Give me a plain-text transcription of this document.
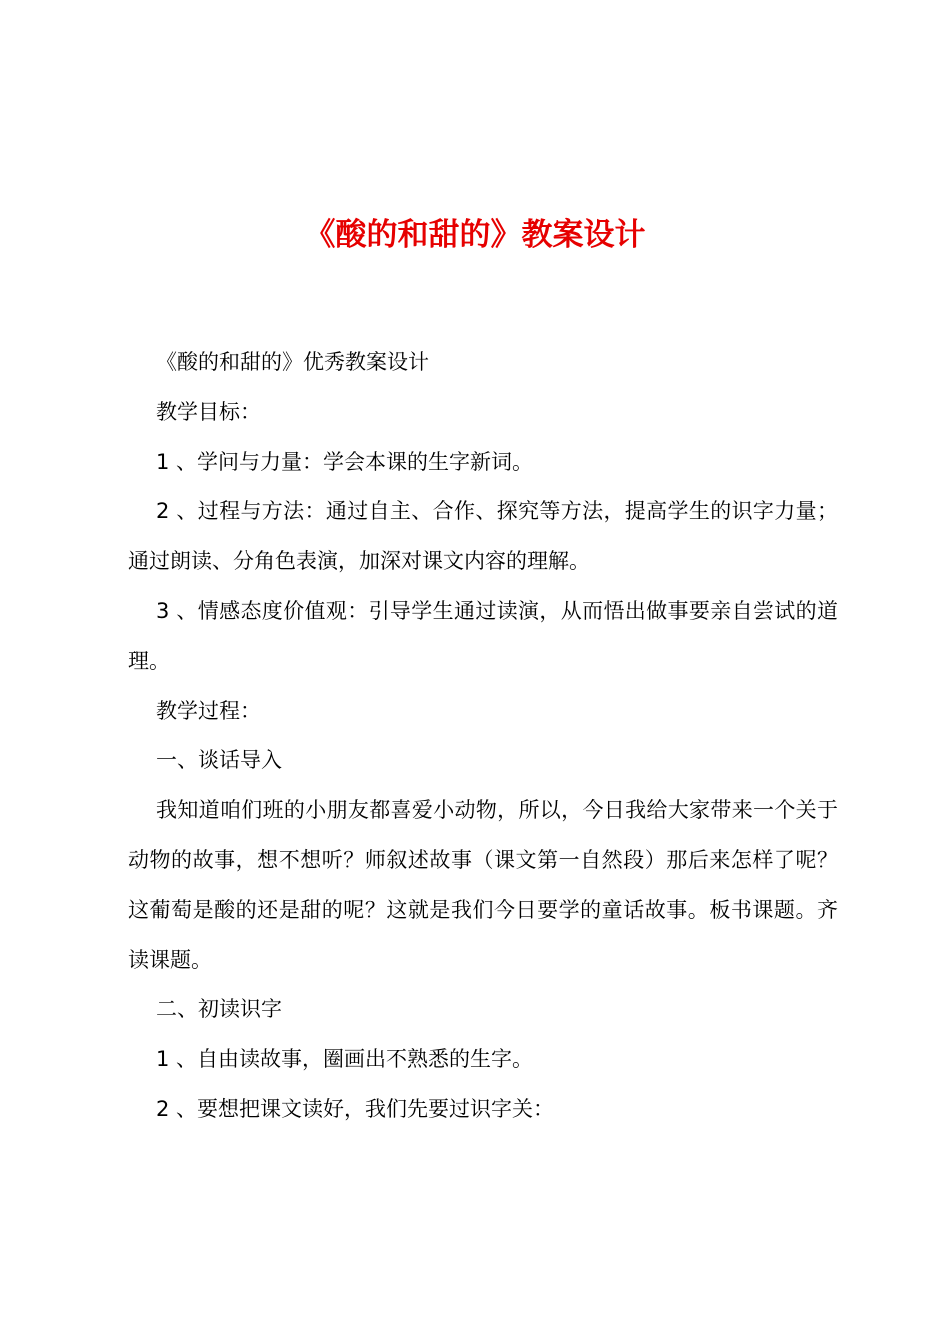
《酸的和甜的》教案设计

《酸的和甜的》优秀教案设计

教学目标：

1 、学问与力量：学会本课的生字新词。

2 、过程与方法：通过自主、合作、探究等方法，提高学生的识字力量；通过朗读、分角色表演，加深对课文内容的理解。

3 、情感态度价值观：引导学生通过读演，从而悟出做事要亲自尝试的道理。

教学过程：

一、谈话导入

我知道咱们班的小朋友都喜爱小动物，所以，今日我给大家带来一个关于动物的故事，想不想听？师叙述故事（课文第一自然段）那后来怎样了呢？这葡萄是酸的还是甜的呢？这就是我们今日要学的童话故事。板书课题。齐读课题。

二、初读识字

1 、自由读故事，圈画出不熟悉的生字。

2 、要想把课文读好，我们先要过识字关：
